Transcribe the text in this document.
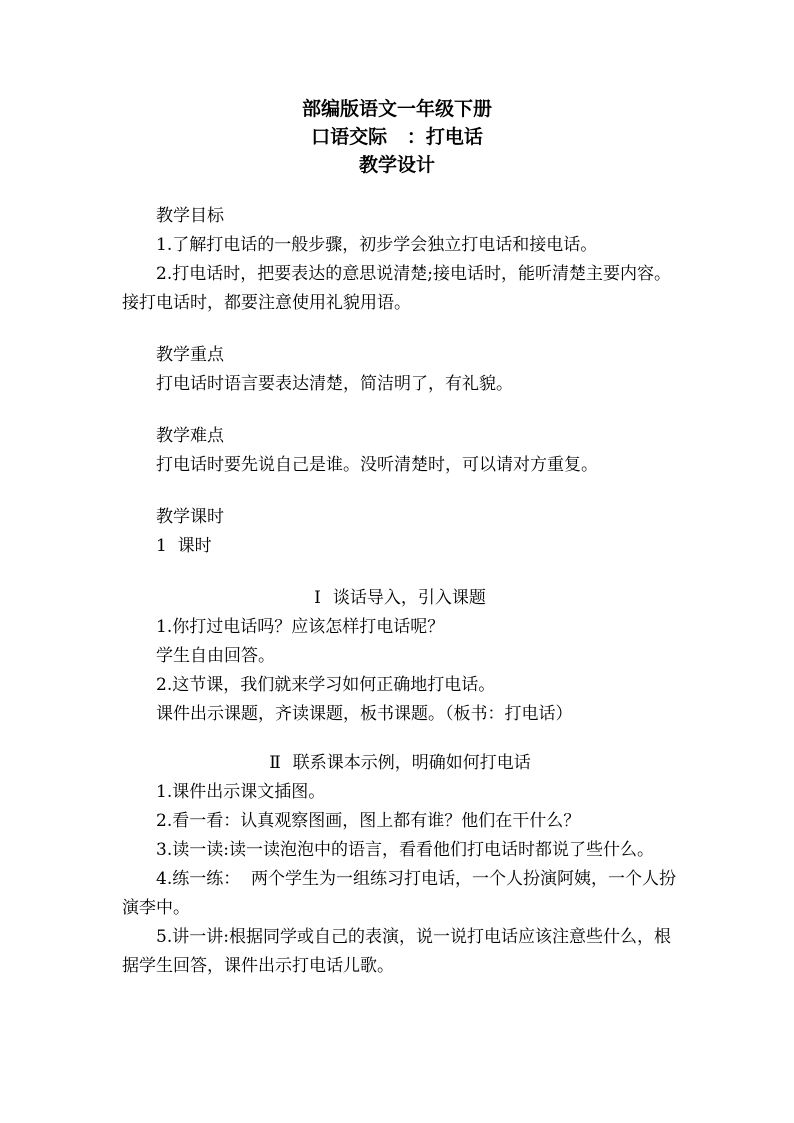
部编版语文一年级下册
口语交际   ：打电话
教学设计

教学目标

1.了解打电话的一般步骤，初步学会独立打电话和接电话。

2.打电话时，把要表达的意思说清楚;接电话时，能听清楚主要内容。接打电话时，都要注意使用礼貌用语。

教学重点

打电话时语言要表达清楚，简洁明了，有礼貌。

教学难点

打电话时要先说自己是谁。没听清楚时，可以请对方重复。

教学课时

1  课时

Ⅰ 谈话导入，引入课题

1.你打过电话吗？应该怎样打电话呢？

学生自由回答。

2.这节课，我们就来学习如何正确地打电话。

课件出示课题，齐读课题，板书课题。（板书：打电话）

Ⅱ 联系课本示例，明确如何打电话

1.课件出示课文插图。

2.看一看：认真观察图画，图上都有谁？他们在干什么？

3.读一读:读一读泡泡中的语言，看看他们打电话时都说了些什么。

4.练一练：  两个学生为一组练习打电话，一个人扮演阿姨，一个人扮演李中。

5.讲一讲:根据同学或自己的表演，说一说打电话应该注意些什么，根据学生回答，课件出示打电话儿歌。
